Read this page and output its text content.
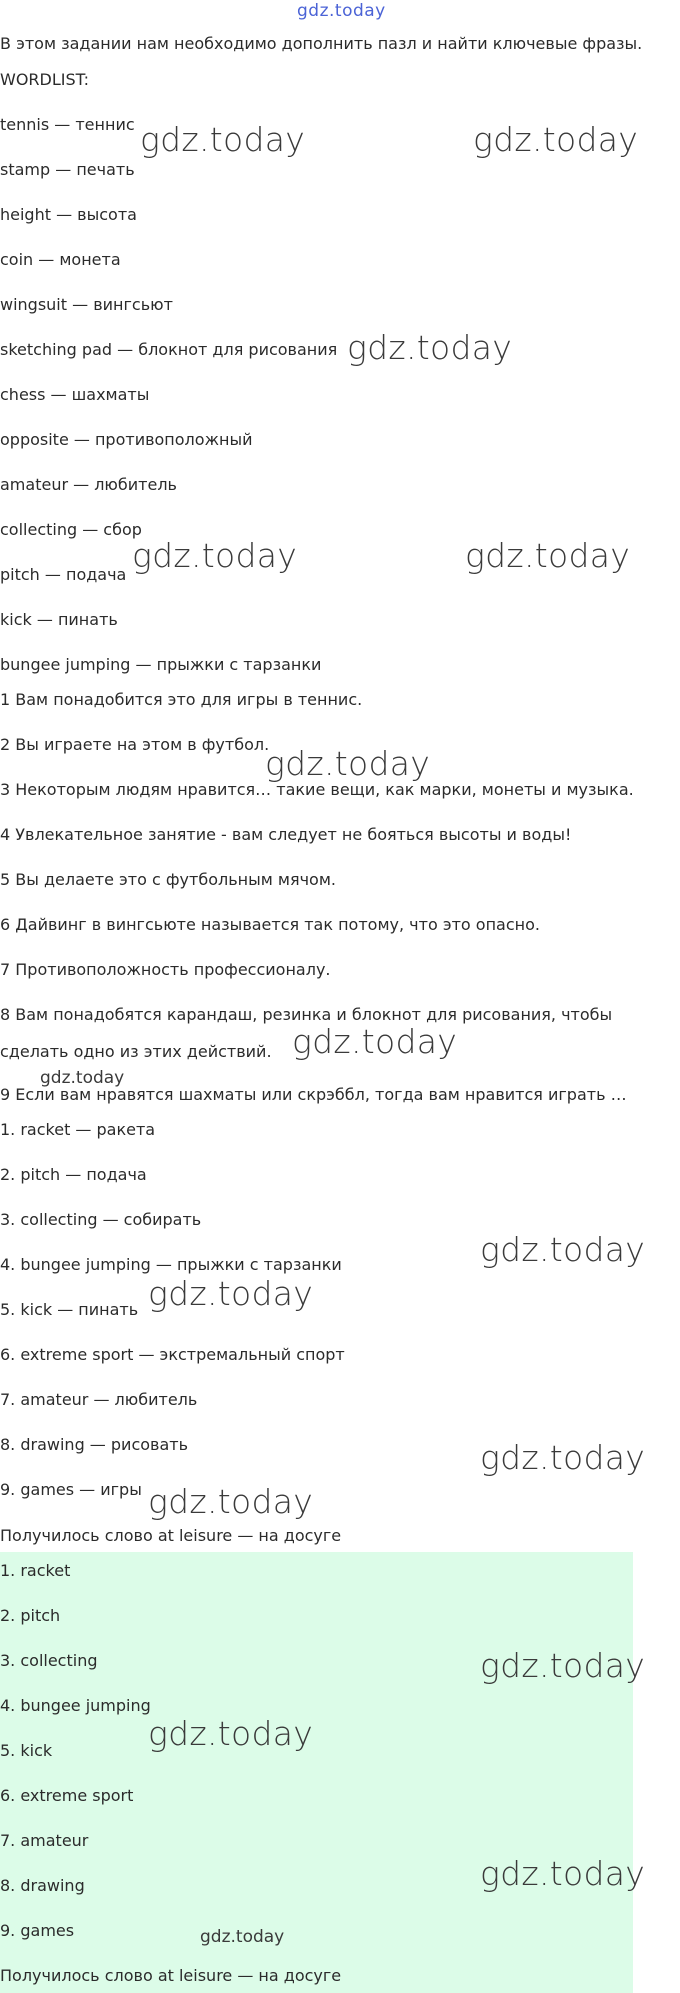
gdz.today
В этом задании нам необходимо дополнить пазл и найти ключевые фразы.
WORDLIST:
tennis — теннис
stamp — печать
height — высота
coin — монета
wingsuit — вингсьют
sketching pad — блокнот для рисования
chess — шахматы
opposite — противоположный
amateur — любитель
collecting — сбор
pitch — подача
kick — пинать
bungee jumping — прыжки с тарзанки
1 Вам понадобится это для игры в теннис.
2 Вы играете на этом в футбол.
3 Некоторым людям нравится… такие вещи, как марки, монеты и музыка.
4 Увлекательное занятие - вам следует не бояться высоты и воды!
5 Вы делаете это с футбольным мячом.
6 Дайвинг в вингсьюте называется так потому, что это опасно.
7 Противоположность профессионалу.
8 Вам понадобятся карандаш, резинка и блокнот для рисования, чтобы
сделать одно из этих действий.
9 Если вам нравятся шахматы или скрэббл, тогда вам нравится играть …
1. racket — ракета
2. pitch — подача
3. collecting — собирать
4. bungee jumping — прыжки с тарзанки
5. kick — пинать
6. extreme sport — экстремальный спорт
7. amateur — любитель
8. drawing — рисовать
9. games — игры
Получилось слово at leisure — на досуге
1. racket
2. pitch
3. collecting
4. bungee jumping
5. kick
6. extreme sport
7. amateur
8. drawing
9. games
Получилось слово at leisure — на досуге
gdz.today	gdz.today
gdz.today
gdz.today	gdz.today
gdz.today
gdz.today
gdz.today
gdz.today
gdz.today
gdz.today
gdz.today
gdz.today
gdz.today
gdz.today
gdz.today
